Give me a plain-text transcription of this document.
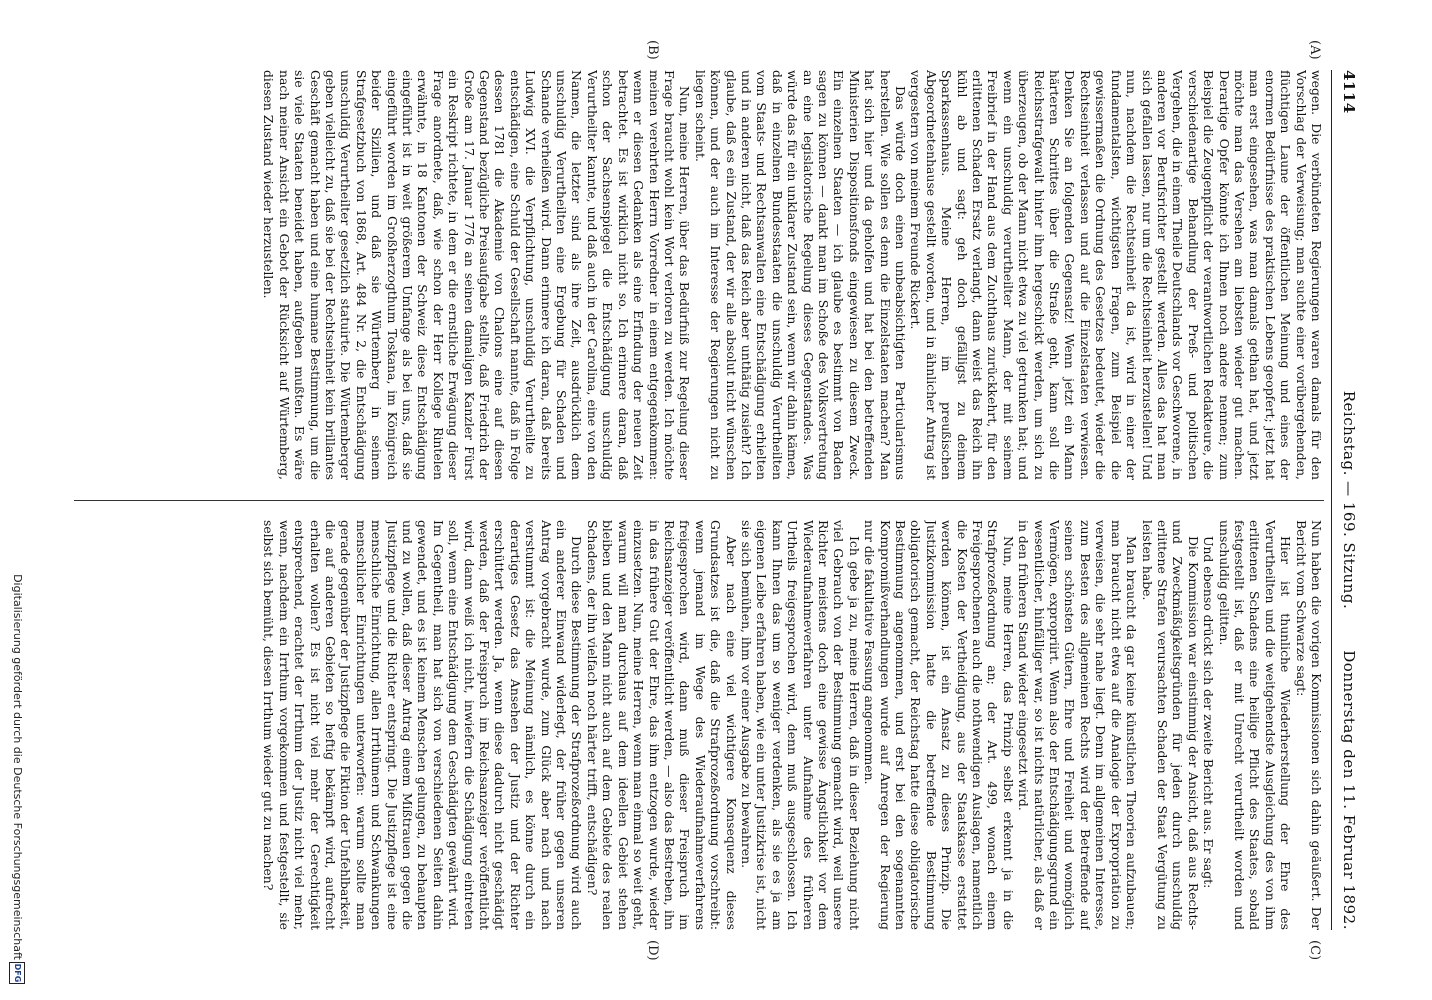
4114
Reichstag. — 169. Sitzung.
Donnerstag den 11. Februar 1892.
(A)
(B)
(C)
(D)

wegen. Die verbündeten Regierungen waren damals für den Vorschlag der Verweisung; man suchte einer vorübergehenden, flüchtigen Laune der öffentlichen Meinung und eines der enormen Bedürfnisse des praktischen Lebens geopfert; jetzt hat man erst eingesehen, was man damals gethan hat, und jetzt möchte man das Versehen am liebsten wieder gut machen. Derartige Opfer könnte ich Ihnen noch andere nennen; zum Beispiel die Zeugenpflicht der verantwortlichen Redakteure, die verschiedenartige Behandlung der Preß- und politischen Vergehen, die in einem Theile Deutschlands vor Geschworene, in anderen vor Berufsrichter gestellt werden. Alles das hat man sich gefallen lassen, nur um die Rechtseinheit herzustellen! Und nun, nachdem die Rechtseinheit da ist, wird in einer der fundamentalsten, wichtigsten Fragen, zum Beispiel die gewissermaßen die Ordnung des Gesetzes bedeutet, wieder die Rechtseinheit verlassen und auf die Einzelstaaten verwiesen. Denken Sie an folgenden Gegensatz! Wenn jetzt ein Mann härteren Schrittes über die Straße geht, kann soll die Reichsstrafgewalt hinter ihm hergeschickt werden, um sich zu überzeugen, ob der Mann nicht etwa zu viel getrunken hat; und wenn ein unschuldig verurtheilter Mann, der mit seinem Freibrief in der Hand aus dem Zuchthaus zurückkehrt, für den erlittenen Schaden Ersatz verlangt, dann weist das Reich ihn kühl ab und sagt: geh doch gefälligst zu deinem Sparkassenhaus. Meine Herren, im preußischen Abgeordnetenhause gestellt worden, und in ähnlicher Antrag ist vergestern von meinem Freunde Rickert.

Das würde doch einen unbeabsichtigten Particularismus herstellen. Wie sollen es denn die Einzelstaaten machen? Man hat sich hier und da geholfen und hat bei den betreffenden Ministerien Dispositionsfonds eingewiesen zu diesem Zweck. Ein einzelnen Staaten — ich glaube es bestimmt von Baden sagen zu können — dankt man im Schoße des Volksvertretung an eine legislatorische Regelung dieses Gegenstandes. Was würde das für ein unklarer Zustand sein, wenn wir dahin kämen, daß in einzelnen Bundesstaaten die unschuldig Verurtheilten vom Staats- und Rechtsanwalten eine Entschädigung erhielten und in anderen nicht, daß das Reich aber unthätig zusieht? Ich glaube, daß es ein Zustand, der wir alle absolut nicht wünschen können, und der auch im Interesse der Regierungen nicht zu liegen scheint.

Nun, meine Herren, über das Bedürfniß zur Regelung dieser Frage braucht wohl kein Wort verloren zu werden. Ich möchte meinen verehrten Herrn Vorredner in einem entgegenkommen: wenn er diesen Gedanken als eine Erfindung der neuen Zeit betrachtet. Es ist wirklich nicht so. Ich erinnere daran, daß schon der Sachsenspiegel die Entschädigung unschuldig Verurtheilter kannte, und daß auch in der Carolina, eine von den Namen, die letzter sind als ihre Zeit, ausdrücklich dem unschuldig Verurtheilten eine Ergebung für Schaden und Schande verheißen wird. Dann erinnere ich daran, daß bereits Ludwig XVI. die Verpflichtung, unschuldig Verurtheilte zu entschädigen, eine Schuld der Gesellschaft nannte, daß in Folge dessen 1781 die Akademie von Chalons eine auf diesen Gegenstand bezügliche Preisaufgabe stellte, daß Friedrich der Große am 17. Januar 1776 an seinen damaligen Kanzler Fürst ein Reskript richtete, in dem er die ernstliche Erwägung dieser Frage anordnete, daß, wie schon der Herr Kollege Rintelen erwähnte, in 18 Kantonen der Schweiz diese Entschädigung eingeführt ist in weit größerem Umfange als bei uns, daß sie eingeführt worden im Großherzogthum Toskana, im Königreich beider Sizilien, und daß sie Würtemberg in seinem Strafgesetzbuch von 1868, Art. 484 Nr. 2, die Entschädigung unschuldig Verurtheilter gesetzlich statuirte. Die Würtemberger geben vielleicht zu, daß sie bei der Rechtseinheit kein brillantes Geschäft gemacht haben und eine humane Bestimmung, um die sie viele Staaten beneidet haben, aufgeben mußten. Es wäre nach meiner Ansicht ein Gebot der Rücksicht auf Würtemberg, diesen Zustand wieder herzustellen.

Nun haben die vorigen Kommissionen sich dahin geäußert. Der Bericht vom Schwarze sagt:

Hier ist thunliche Wiederherstellung der Ehre des Verurtheilten und die weitgehendste Ausgleichung des von ihm erlittenen Schadens eine heilige Pflicht des Staates, sobald festgestellt ist, daß er mit Unrecht verurtheilt worden und unschuldig gelitten.

Und ebenso drückt sich der zweite Bericht aus. Er sagt:

Die Kommission war einstimmig der Ansicht, daß aus Rechts- und Zweckmäßigkeitsgründen für jeden durch unschuldig erlittene Strafen verursachten Schaden der Staat Vergütung zu leisten habe.

Man braucht da gar keine künstlichen Theorien aufzubauen; man braucht nicht etwa auf die Analogie der Expropriation zu verweisen, die sehr nahe liegt. Denn im allgemeinen Interesse, zum Besten des allgemeinen Rechts wird der Betreffende auf seinen schönsten Gütern, Ehre und Freiheit und womöglich Vermögen, expropriirt. Wenn also der Entschädigungsgrund ein wesentlicher, hinfälliger war, so ist nichts natürlicher, als daß er in den früheren Stand wieder eingesetzt wird.

Nun, meine Herren, das Prinzip selbst erkennt ja in die Strafprozeßordnung an; der Art. 499, wonach einem Freigesprochenen auch die nothwendigen Auslagen, namentlich die Kosten der Vertheidigung, aus der Staatskasse erstattet werden können, ist ein Ansatz zu dieses Prinzip. Die Justizkommission hatte die betreffende Bestimmung obligatorisch gemacht, der Reichstag hatte diese obligatorische Bestimmung angenommen, und erst bei den sogenannten Kompromißverhandlungen wurde auf Anregen der Regierung nur die fakultative Fassung angenommen.

Ich gebe ja zu, meine Herren, daß in dieser Beziehung nicht viel Gebrauch von der Bestimmung gemacht wird, weil unsere Richter meistens doch eine gewisse Ängstlichkeit vor dem Wiederaufnahmeverfahren unter Aufnahme des früheren Urtheils freigesprochen wird, denn muß ausgeschlossen. Ich kann Ihnen das um so weniger verdenken, als sie es ja am eigenen Leibe erfahren haben, wie ein unter Justizkrise ist, nicht sie sich bemühen, ihm vor einer Ausgabe zu bewahren.

Aber nach eine viel wichtigere Konsequenz dieses Grundsatzes ist die, daß die Strafprozeßordnung vorschreibt: wenn jemand im Wege des Wiederaufnahmeverfahrens freigesprochen wird, dann muß dieser Freispruch im Reichsanzeiger veröffentlicht werden, — also das Bestreben, ihn in das frühere Gut der Ehre, das ihm entzogen wurde, wieder einzusetzen. Nun, meine Herren, wenn man einmal so weit geht, warum will man durchaus auf dem ideellen Gebiet stehen bleiben und den Mann nicht auch auf dem Gebiete des realen Schadens, der ihn vielfach noch härter trifft, entschädigen?

Durch diese Bestimmung der Strafprozeßordnung wird auch ein anderer Einwand widerlegt, der früher gegen unseren Antrag vorgebracht wurde, zum Glück aber nach und nach verstummt ist: die Meinung nämlich, es könne durch ein derartiges Gesetz das Ansehen der Justiz und der Richter erschüttert werden. Ja, wenn diese dadurch nicht geschädigt werden, daß der Freispruch im Reichsanzeiger veröffentlicht wird, dann weiß ich nicht, inwiefern die Schädigung eintreten soll, wenn eine Entschädigung dem Geschädigten gewährt wird. Im Gegentheil, man hat sich von verschiedenen Seiten dahin gewendet, und es ist keinem Menschen gelungen, zu behaupten und zu wollen, daß dieser Antrag einem Mißtrauen gegen die Justizpflege und die Richter entspringt. Die Justizpflege ist eine menschliche Einrichtung, allen Irrthümern und Schwankungen menschlicher Einrichtungen unterworfen: warum sollte man gerade gegenüber der Justizpflege die Fiktion der Unfehlbarkeit, die auf anderen Gebieten so heftig bekämpft wird, aufrecht erhalten wollen? Es ist nicht viel mehr der Gerechtigkeit entsprechend, erachtet der Irrthum der Justiz nicht viel mehr, wenn, nachdem ein Irrthum vorgekommen und festgestellt, sie selbst sich bemüht, diesen Irrthum wieder gut zu machen?

Digitalisierung gefördert durch die Deutsche Forschungsgemeinschaft
DFG
